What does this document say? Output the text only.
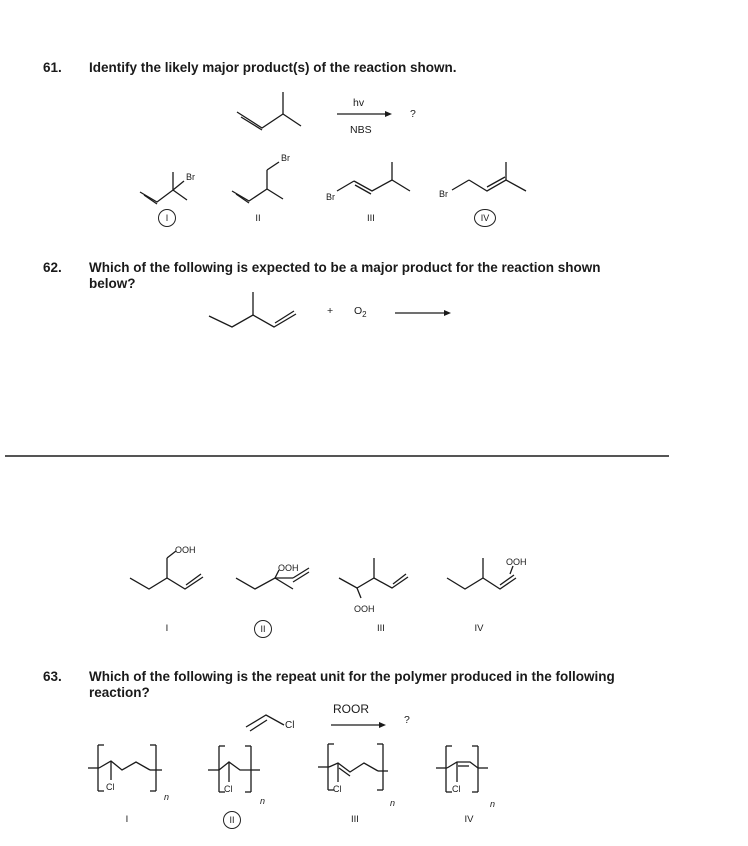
61. Identify the likely major product(s) of the reaction shown.
hv
NBS
?
Br
Br
Br	Br
I	II	III	IV
62. Which of the following is expected to be a major product for the reaction shown below?
+ $O_2$
OOH
OOH
OOH
OOH
I	II	III	IV
63. Which of the following is the repeat unit for the polymer produced in the following reaction?
Cl
ROOR
?
Cl	Cl	Cl	Cl
n	n	n	n
I	II	III	IV
